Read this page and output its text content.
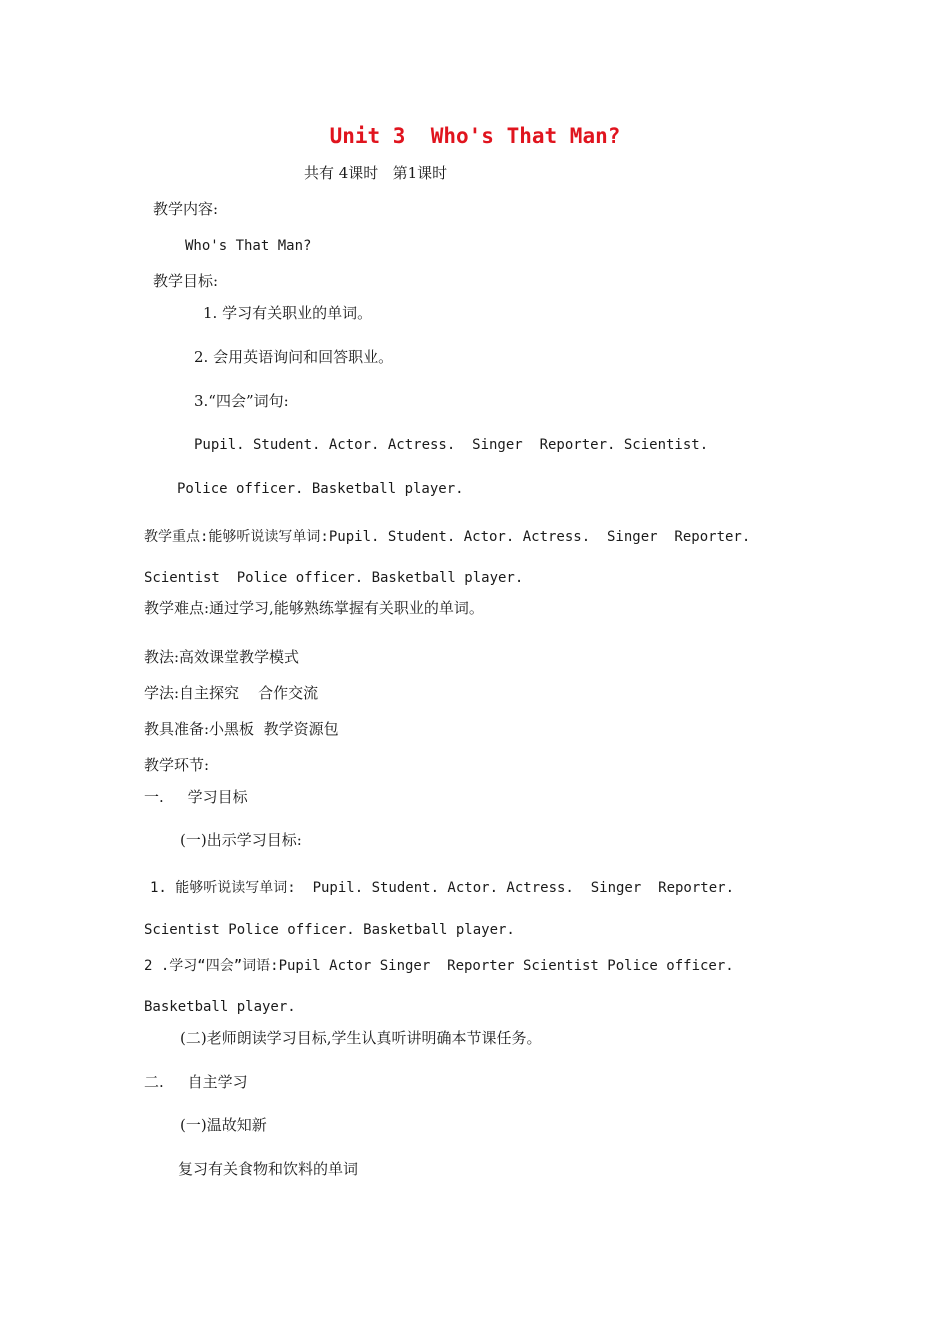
Unit 3  Who's That Man?

共有 4课时   第1课时

教学内容:

Who's That Man?

教学目标:

1. 学习有关职业的单词。

2. 会用英语询问和回答职业。

3.“四会”词句:

Pupil. Student. Actor. Actress.  Singer  Reporter. Scientist.

Police officer. Basketball player.

教学重点:能够听说读写单词:Pupil. Student. Actor. Actress.  Singer  Reporter.

Scientist  Police officer. Basketball player.

教学难点:通过学习,能够熟练掌握有关职业的单词。

教法:高效课堂教学模式

学法:自主探究    合作交流

教具准备:小黑板  教学资源包

教学环节:

一.     学习目标

(一)出示学习目标:

1. 能够听说读写单词:  Pupil. Student. Actor. Actress.  Singer  Reporter.

Scientist Police officer. Basketball player.

2 .学习“四会”词语:Pupil Actor Singer  Reporter Scientist Police officer.

Basketball player.

(二)老师朗读学习目标,学生认真听讲明确本节课任务。

二.     自主学习

(一)温故知新

复习有关食物和饮料的单词
